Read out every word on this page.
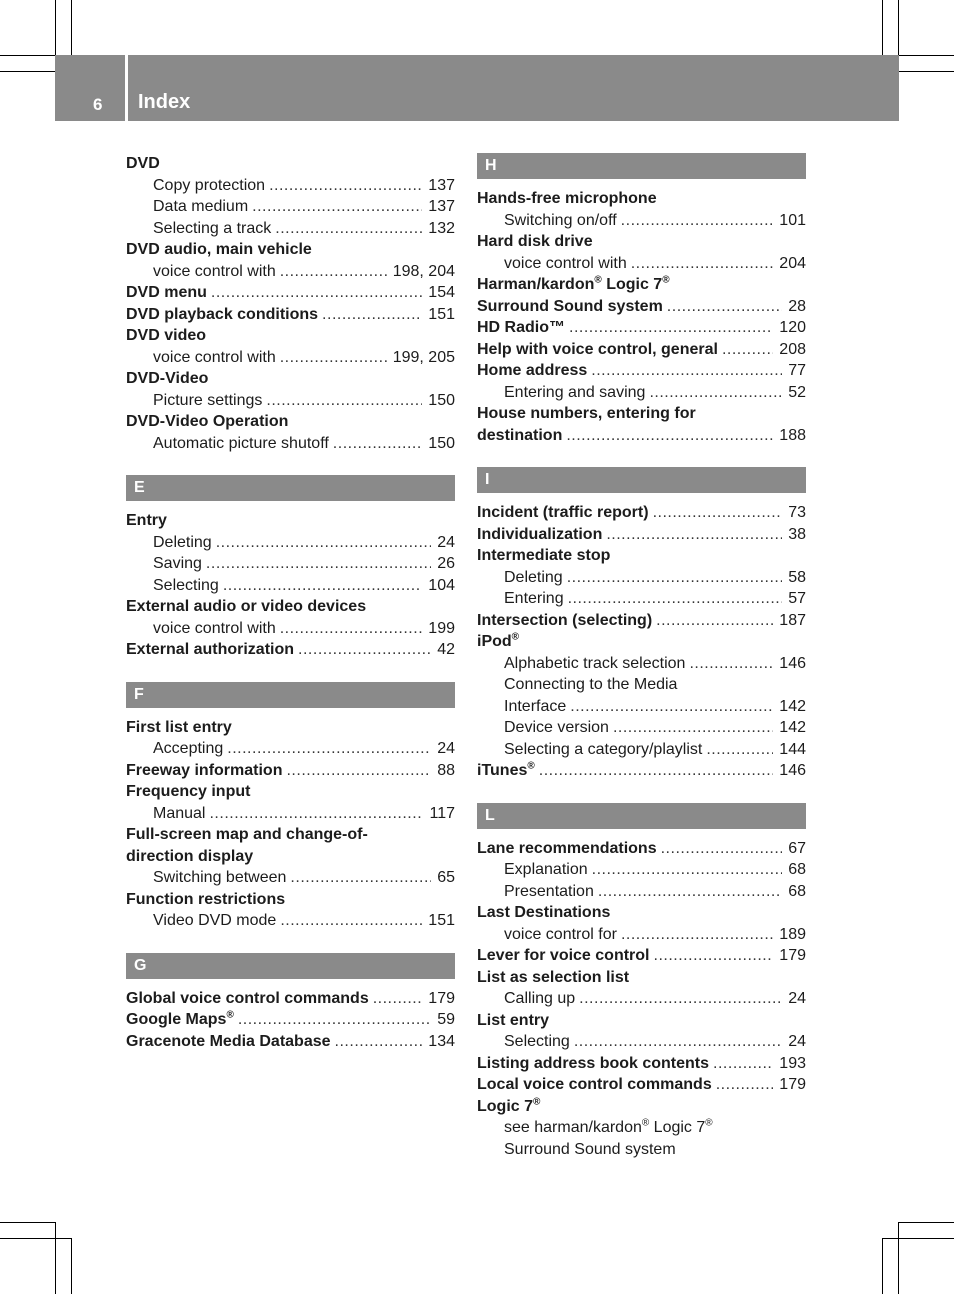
6 Index
DVD
Copy protection .....	137
Data medium .....	137
Selecting a track .....	132
DVD audio, main vehicle
voice control with .....	198, 204
DVD menu .....	154
DVD playback conditions .....	151
DVD video
voice control with .....	199, 205
DVD-Video
Picture settings .....	150
DVD-Video Operation
Automatic picture shutoff .....	150
E
Entry
Deleting .....	24
Saving .....	26
Selecting .....	104
External audio or video devices
voice control with .....	199
External authorization .....	42
F
First list entry
Accepting .....	24
Freeway information .....	88
Frequency input
Manual .....	117
Full-screen map and change-of-
direction display
Switching between .....	65
Function restrictions
Video DVD mode .....	151
G
Global voice control commands .....	179
Google Maps® .....	59
Gracenote Media Database .....	134
H
Hands-free microphone
Switching on/off .....	101
Hard disk drive
voice control with .....	204
Harman/kardon® Logic 7®
Surround Sound system .....	28
HD Radio™ .....	120
Help with voice control, general .....	208
Home address .....	77
Entering and saving .....	52
House numbers, entering for
destination .....	188
I
Incident (traffic report) .....	73
Individualization .....	38
Intermediate stop
Deleting .....	58
Entering .....	57
Intersection (selecting) .....	187
iPod®
Alphabetic track selection .....	146
Connecting to the Media
Interface .....	142
Device version .....	142
Selecting a category/playlist .....	144
iTunes® .....	146
L
Lane recommendations .....	67
Explanation .....	68
Presentation .....	68
Last Destinations
voice control for .....	189
Lever for voice control .....	179
List as selection list
Calling up .....	24
List entry
Selecting .....	24
Listing address book contents .....	193
Local voice control commands .....	179
Logic 7®
see harman/kardon® Logic 7®
Surround Sound system
